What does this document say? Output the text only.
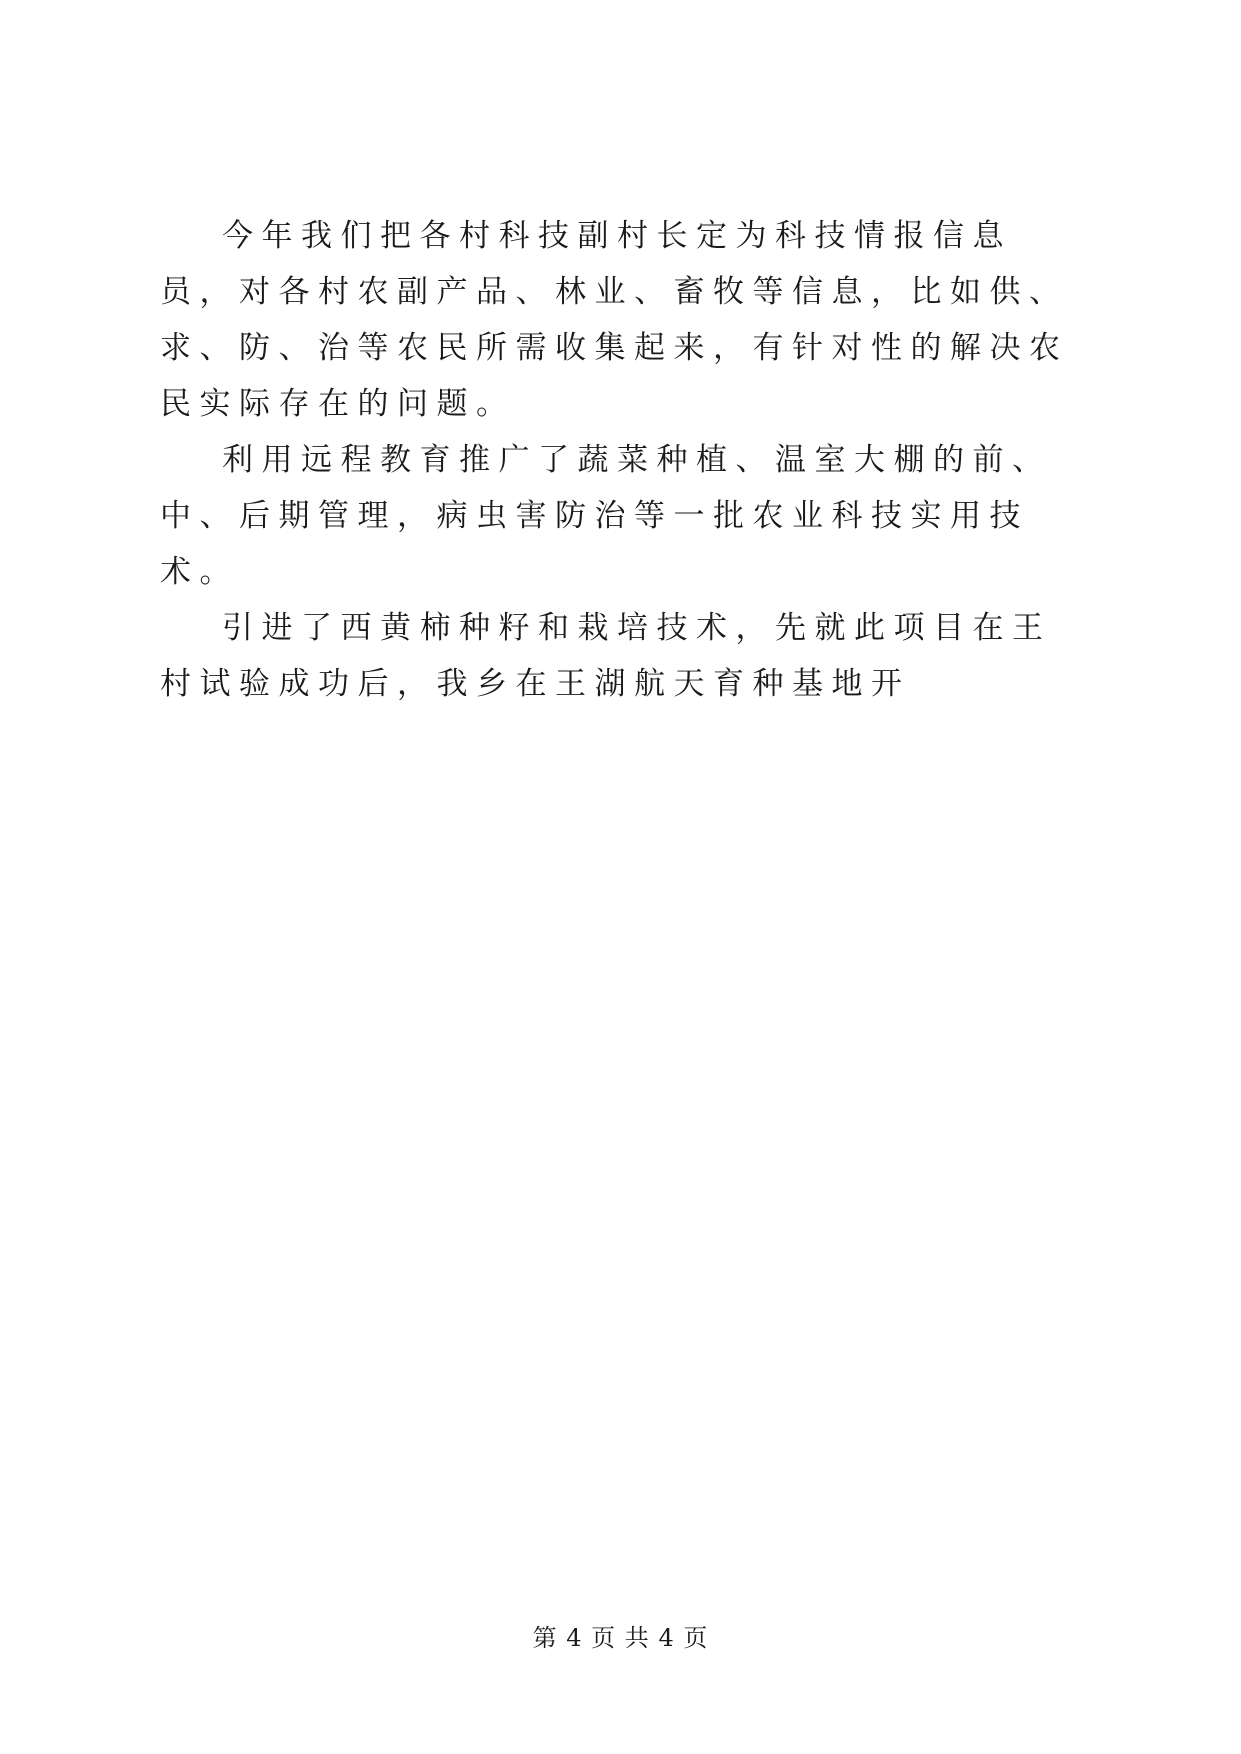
今年我们把各村科技副村长定为科技情报信息员，对各村农副产品、林业、畜牧等信息，比如供、求、防、治等农民所需收集起来，有针对性的解决农民实际存在的问题。

利用远程教育推广了蔬菜种植、温室大棚的前、中、后期管理，病虫害防治等一批农业科技实用技术。

引进了西黄柿种籽和栽培技术，先就此项目在王村试验成功后，我乡在王湖航天育种基地开

第 4 页 共 4 页
